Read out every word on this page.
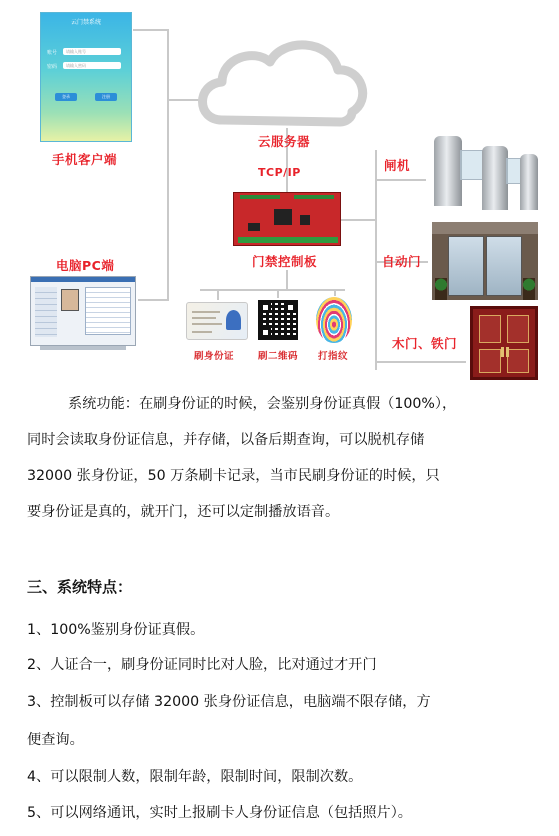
云门禁系统
账号	请输入账号
密码	请输入密码
登录	注册
手机客户端
云服务器
TCP/IP
门禁控制板
电脑PC端
刷身份证	刷二维码 打指纹
闸机
自动门
木门、铁门
系统功能：在刷身份证的时候，会鉴别身份证真假（100%），
同时会读取身份证信息，并存储，以备后期查询，可以脱机存储
32000 张身份证，50 万条刷卡记录，当市民刷身份证的时候，只
要身份证是真的，就开门，还可以定制播放语音。
三、系统特点：
1、100%鉴别身份证真假。
2、人证合一，刷身份证同时比对人脸，比对通过才开门
3、控制板可以存储 32000 张身份证信息，电脑端不限存储，方
便查询。
4、可以限制人数，限制年龄，限制时间，限制次数。
5、可以网络通讯，实时上报刷卡人身份证信息（包括照片）。
